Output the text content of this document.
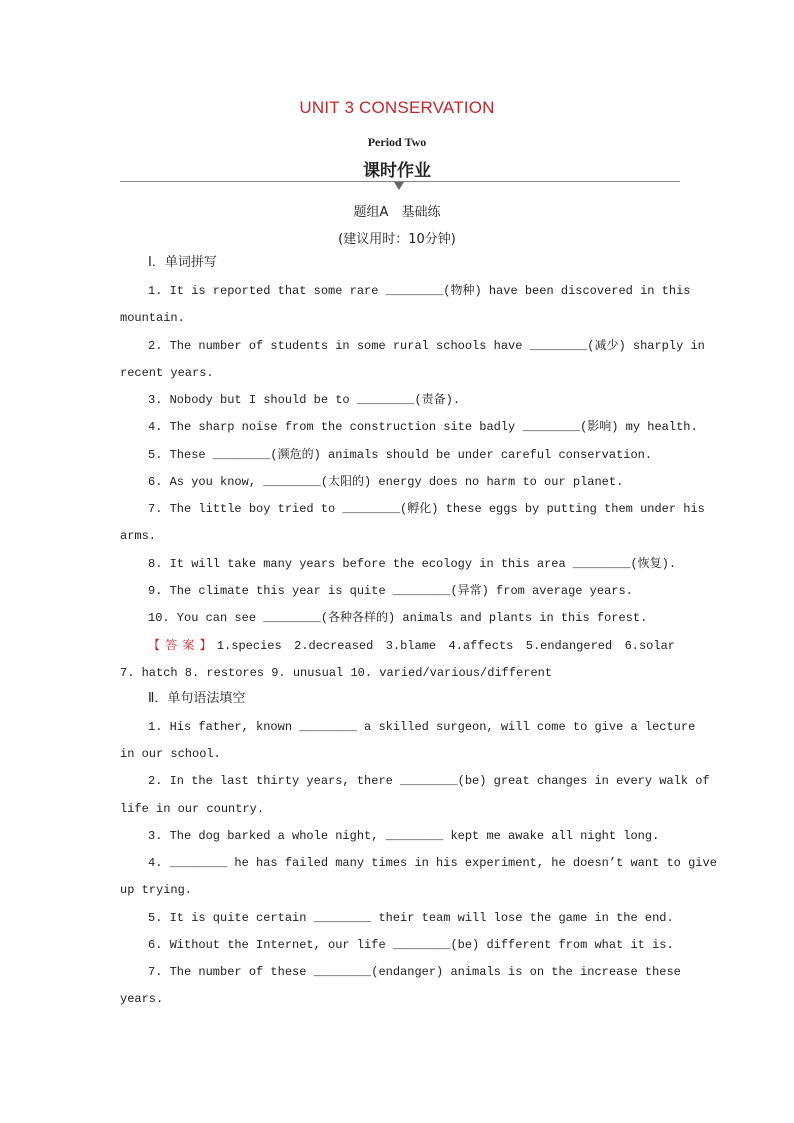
UNIT 3 CONSERVATION
Period Two
课时作业
题组A　基础练
(建议用时：10分钟)
Ⅰ．单词拼写
1. It is reported that some rare ________(物种) have been discovered in this
mountain.
2. The number of students in some rural schools have ________(减少) sharply in
recent years.
3. Nobody but I should be to ________(责备).
4. The sharp noise from the construction site badly ________(影响) my health.
5. These ________(濒危的) animals should be under careful conservation.
6. As you know, ________(太阳的) energy does no harm to our planet.
7. The little boy tried to ________(孵化) these eggs by putting them under his
arms.
8. It will take many years before the ecology in this area ________(恢复).
9. The climate this year is quite ________(异常) from average years.
10. You can see ________(各种各样的) animals and plants in this forest.
【答案】1.species 2.decreased 3.blame 4.affects 5.endangered 6.solar
7. hatch 8. restores 9. unusual 10. varied/various/different
Ⅱ．单句语法填空
1. His father, known ________ a skilled surgeon, will come to give a lecture
in our school.
2. In the last thirty years, there ________(be) great changes in every walk of
life in our country.
3. The dog barked a whole night, ________ kept me awake all night long.
4. ________ he has failed many times in his experiment, he doesn’t want to give
up trying.
5. It is quite certain ________ their team will lose the game in the end.
6. Without the Internet, our life ________(be) different from what it is.
7. The number of these ________(endanger) animals is on the increase these
years.
